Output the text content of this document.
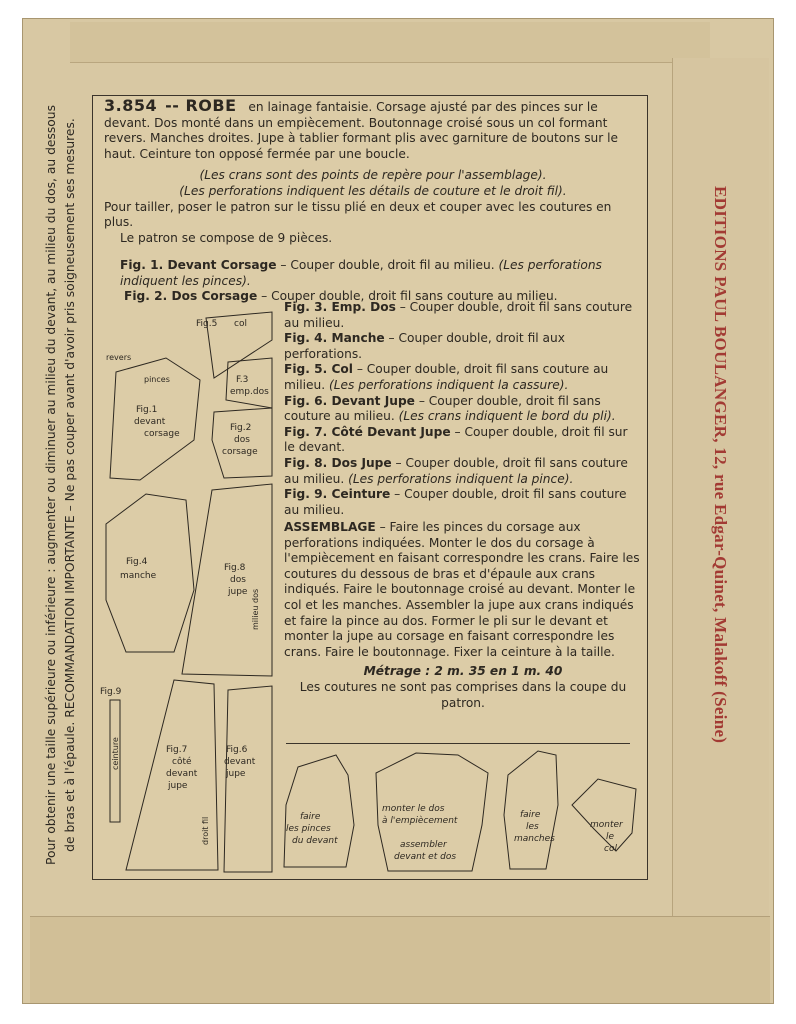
Pour obtenir une taille supérieure ou inférieure : augmenter ou diminuer au milieu du devant, au milieu du dos, au dessous de bras et à l'épaule. RECOMMANDATION IMPORTANTE – Ne pas couper avant d'avoir pris soigneusement ses mesures.	EDITIONS PAUL BOULANGER, 12, rue Edgar-Quinet, Malakoff (Seine)
3.854 -- ROBE en lainage fantaisie. Corsage ajusté par des pinces sur le devant. Dos monté dans un empiècement. Boutonnage croisé sous un col formant revers. Manches droites. Jupe à tablier formant plis avec garniture de boutons sur le haut. Ceinture ton opposé fermée par une boucle.
(Les crans sont des points de repère pour l'assemblage).
(Les perforations indiquent les détails de couture et le droit fil).
Pour tailler, poser le patron sur le tissu plié en deux et couper avec les coutures en plus.
Le patron se compose de 9 pièces.
Fig. 1. Devant Corsage – Couper double, droit fil au milieu. (Les perforations indiquent les pinces).
Fig. 2. Dos Corsage – Couper double, droit fil sans couture au milieu.
Fig. 3. Emp. Dos – Couper double, droit fil sans couture au milieu.
Fig. 4. Manche – Couper double, droit fil aux perforations.
Fig. 5. Col – Couper double, droit fil sans couture au milieu. (Les perforations indiquent la cassure).
Fig. 6. Devant Jupe – Couper double, droit fil sans couture au milieu. (Les crans indiquent le bord du pli).
Fig. 7. Côté Devant Jupe – Couper double, droit fil sur le devant.
Fig. 8. Dos Jupe – Couper double, droit fil sans couture au milieu. (Les perforations indiquent la pince).
Fig. 9. Ceinture – Couper double, droit fil sans couture au milieu.
ASSEMBLAGE – Faire les pinces du corsage aux perforations indiquées. Monter le dos du corsage à l'empiècement en faisant correspondre les crans. Faire les coutures du dessous de bras et d'épaule aux crans indiqués. Faire le boutonnage croisé au devant. Monter le col et les manches. Assembler la jupe aux crans indiqués et faire la pince au dos. Former le pli sur le devant et monter la jupe au corsage en faisant correspondre les crans. Faire le boutonnage. Fixer la ceinture à la taille.
Métrage : 2 m. 35 en 1 m. 40
Les coutures ne sont pas comprises dans la coupe du patron.
Fig.5 col
F.3
emp.dos
Fig.1
devant
corsage
pinces
Fig.2
dos
corsage
revers
Fig.4
manche
Fig.8
dos
jupe milieu dos
Fig.9
ceinture	Fig.7
côté
devant
jupe
droit fil
Fig.6
devant
jupe
faire
les pinces
du devant
monter le dos
à l'empiècement
assembler
devant et dos
faire
les
manches
monter
le
col
